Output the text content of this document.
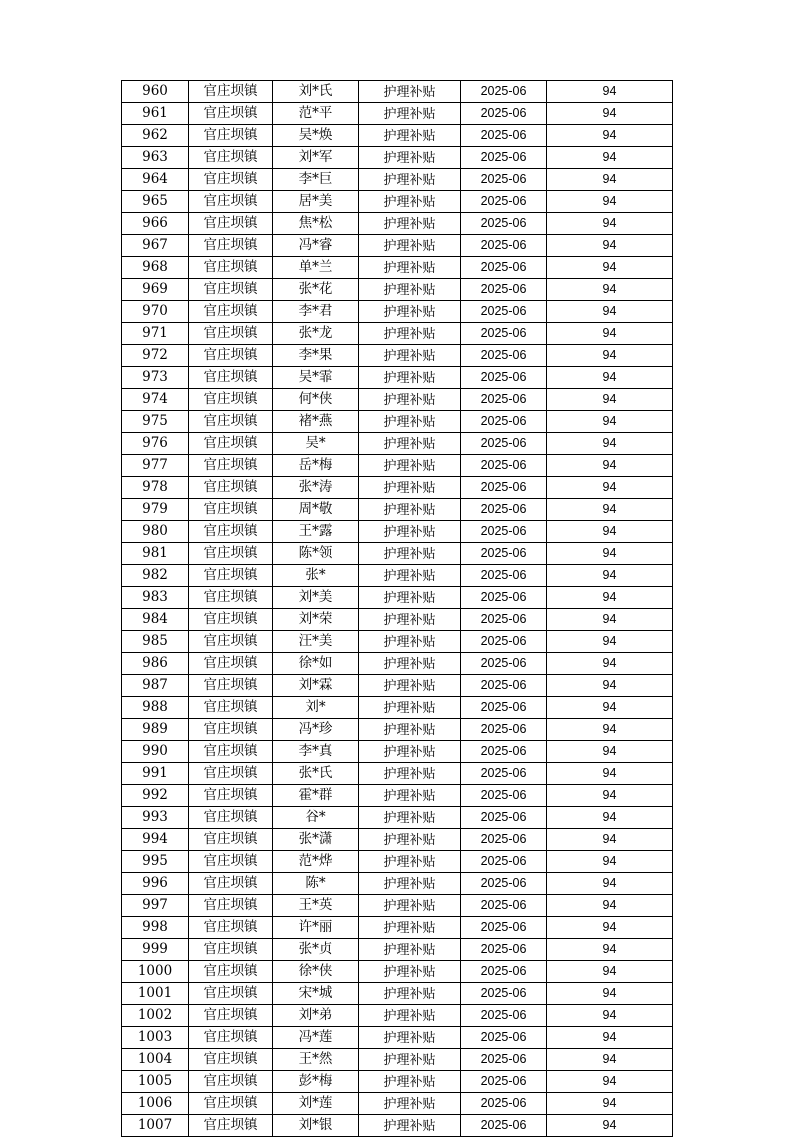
960	官庄坝镇	刘*氏	护理补贴	2025-06	94
961	官庄坝镇	范*平	护理补贴	2025-06	94
962	官庄坝镇	吴*焕	护理补贴	2025-06	94
963	官庄坝镇	刘*军	护理补贴	2025-06	94
964	官庄坝镇	李*巨	护理补贴	2025-06	94
965	官庄坝镇	居*美	护理补贴	2025-06	94
966	官庄坝镇	焦*松	护理补贴	2025-06	94
967	官庄坝镇	冯*睿	护理补贴	2025-06	94
968	官庄坝镇	单*兰	护理补贴	2025-06	94
969	官庄坝镇	张*花	护理补贴	2025-06	94
970	官庄坝镇	李*君	护理补贴	2025-06	94
971	官庄坝镇	张*龙	护理补贴	2025-06	94
972	官庄坝镇	李*果	护理补贴	2025-06	94
973	官庄坝镇	吴*霏	护理补贴	2025-06	94
974	官庄坝镇	何*侠	护理补贴	2025-06	94
975	官庄坝镇	褚*燕	护理补贴	2025-06	94
976	官庄坝镇	吴*	护理补贴	2025-06	94
977	官庄坝镇	岳*梅	护理补贴	2025-06	94
978	官庄坝镇	张*涛	护理补贴	2025-06	94
979	官庄坝镇	周*敬	护理补贴	2025-06	94
980	官庄坝镇	王*露	护理补贴	2025-06	94
981	官庄坝镇	陈*领	护理补贴	2025-06	94
982	官庄坝镇	张*	护理补贴	2025-06	94
983	官庄坝镇	刘*美	护理补贴	2025-06	94
984	官庄坝镇	刘*荣	护理补贴	2025-06	94
985	官庄坝镇	汪*美	护理补贴	2025-06	94
986	官庄坝镇	徐*如	护理补贴	2025-06	94
987	官庄坝镇	刘*霖	护理补贴	2025-06	94
988	官庄坝镇	刘*	护理补贴	2025-06	94
989	官庄坝镇	冯*珍	护理补贴	2025-06	94
990	官庄坝镇	李*真	护理补贴	2025-06	94
991	官庄坝镇	张*氏	护理补贴	2025-06	94
992	官庄坝镇	霍*群	护理补贴	2025-06	94
993	官庄坝镇	谷*	护理补贴	2025-06	94
994	官庄坝镇	张*潇	护理补贴	2025-06	94
995	官庄坝镇	范*烨	护理补贴	2025-06	94
996	官庄坝镇	陈*	护理补贴	2025-06	94
997	官庄坝镇	王*英	护理补贴	2025-06	94
998	官庄坝镇	许*丽	护理补贴	2025-06	94
999	官庄坝镇	张*贞	护理补贴	2025-06	94
1000	官庄坝镇	徐*侠	护理补贴	2025-06	94
1001	官庄坝镇	宋*城	护理补贴	2025-06	94
1002	官庄坝镇	刘*弟	护理补贴	2025-06	94
1003	官庄坝镇	冯*莲	护理补贴	2025-06	94
1004	官庄坝镇	王*然	护理补贴	2025-06	94
1005	官庄坝镇	彭*梅	护理补贴	2025-06	94
1006	官庄坝镇	刘*莲	护理补贴	2025-06	94
1007	官庄坝镇	刘*银	护理补贴	2025-06	94
